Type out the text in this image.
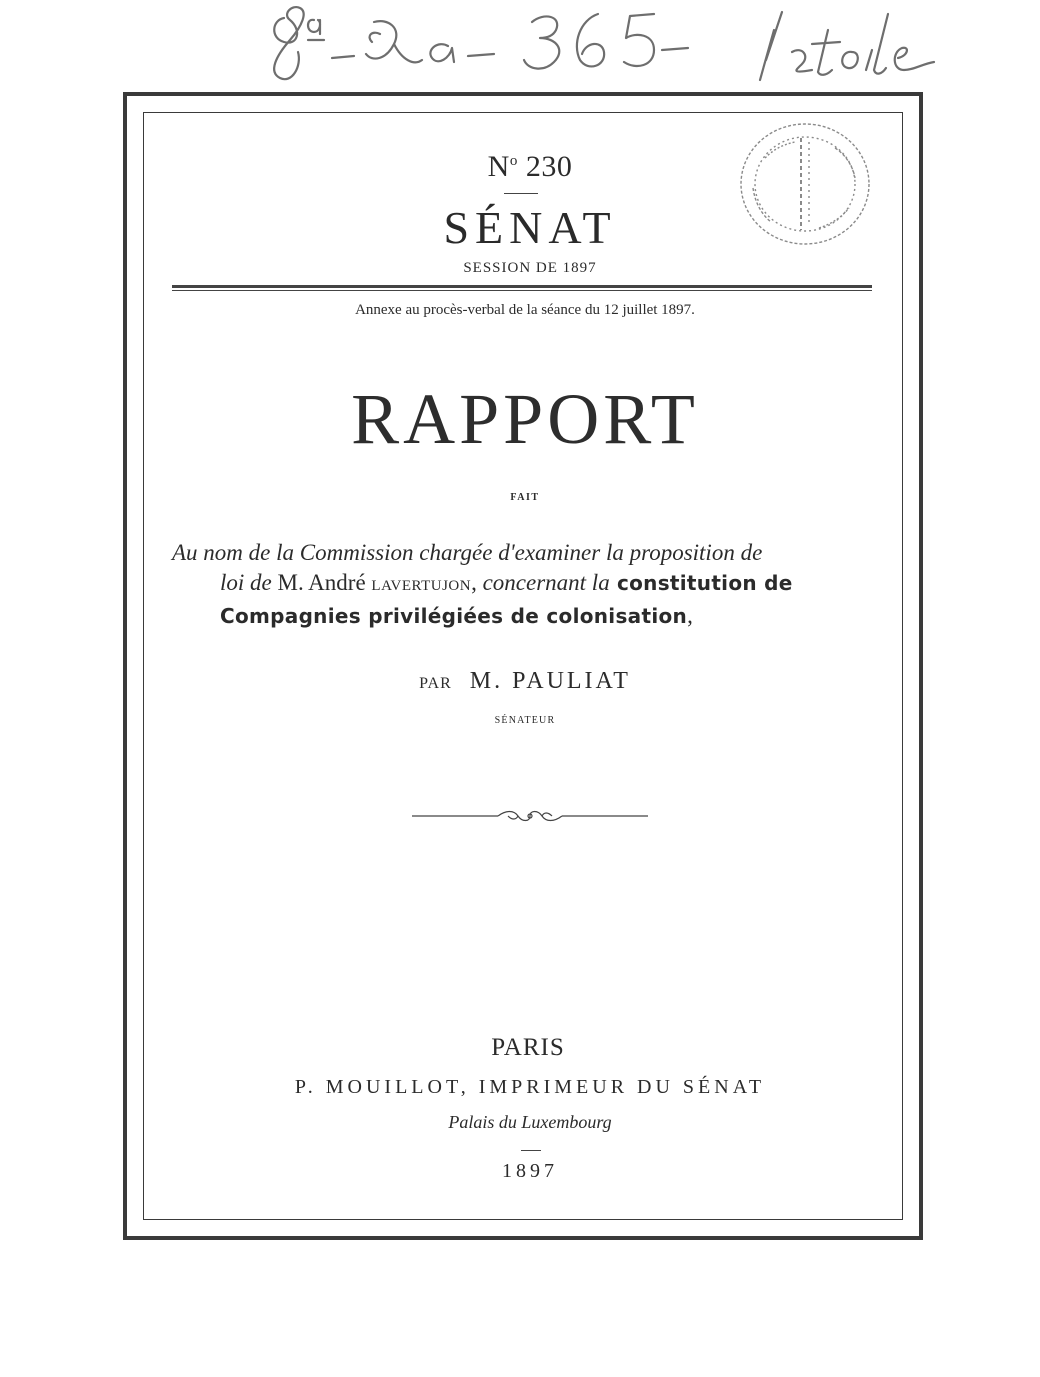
$N^o$ 230
SÉNAT
SESSION DE 1897
Annexe au procès-verbal de la séance du 12 juillet 1897.
RAPPORT
FAIT
Au nom de la Commission chargée d'examiner la proposition de
loi de M. André LAVERTUJON, concernant la constitution de
Compagnies privilégiées de colonisation,
PAR M. PAULIAT
SÉNATEUR
PARIS
P. MOUILLOT, IMPRIMEUR DU SÉNAT
Palais du Luxembourg
1897
